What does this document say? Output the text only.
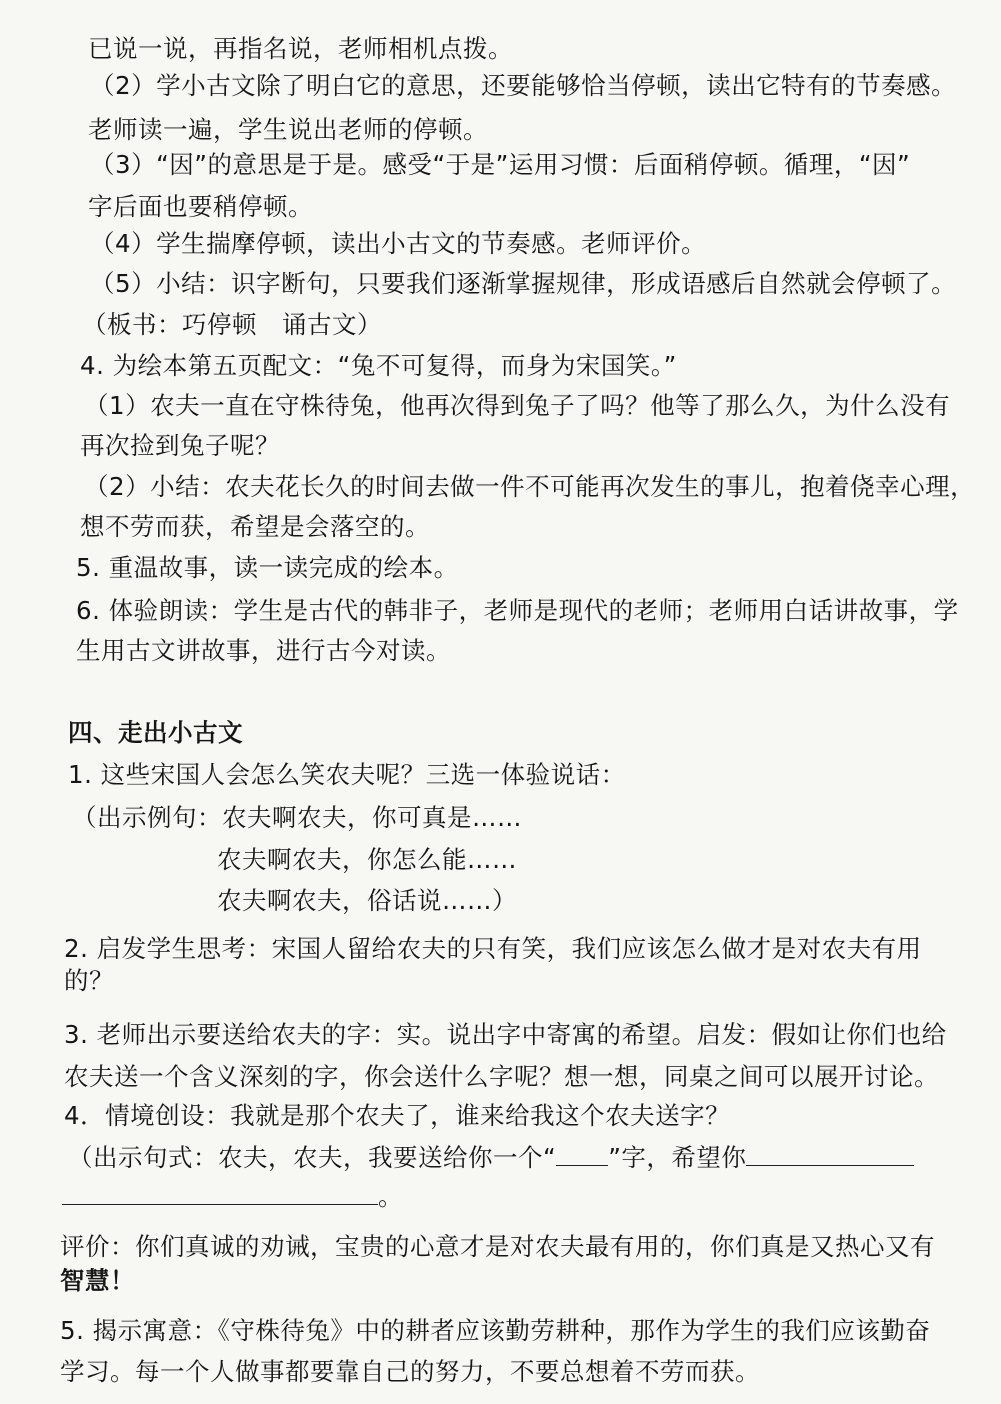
已说一说，再指名说，老师相机点拨。
（2）学小古文除了明白它的意思，还要能够恰当停顿，读出它特有的节奏感。
老师读一遍，学生说出老师的停顿。
（3）“因”的意思是于是。感受“于是”运用习惯：后面稍停顿。循理，“因”
字后面也要稍停顿。
（4）学生揣摩停顿，读出小古文的节奏感。老师评价。
（5）小结：识字断句，只要我们逐渐掌握规律，形成语感后自然就会停顿了。
（板书：巧停顿　诵古文）
4. 为绘本第五页配文：“兔不可复得，而身为宋国笑。”
（1）农夫一直在守株待兔，他再次得到兔子了吗？他等了那么久，为什么没有
再次捡到兔子呢？
（2）小结：农夫花长久的时间去做一件不可能再次发生的事儿，抱着侥幸心理，
想不劳而获，希望是会落空的。
5. 重温故事，读一读完成的绘本。
6. 体验朗读：学生是古代的韩非子，老师是现代的老师；老师用白话讲故事，学
生用古文讲故事，进行古今对读。
四、走出小古文
1. 这些宋国人会怎么笑农夫呢？三选一体验说话：
（出示例句：农夫啊农夫，你可真是……
农夫啊农夫，你怎么能……
农夫啊农夫，俗话说……）
2. 启发学生思考：宋国人留给农夫的只有笑，我们应该怎么做才是对农夫有用
的？
3. 老师出示要送给农夫的字：实。说出字中寄寓的希望。启发：假如让你们也给
农夫送一个含义深刻的字，你会送什么字呢？想一想，同桌之间可以展开讨论。
4．情境创设：我就是那个农夫了，谁来给我这个农夫送字？
（出示句式：农夫，农夫，我要送给你一个“ ”字，希望你
。
评价：你们真诚的劝诫，宝贵的心意才是对农夫最有用的，你们真是又热心又有
智慧！
5. 揭示寓意：《守株待兔》中的耕者应该勤劳耕种，那作为学生的我们应该勤奋
学习。每一个人做事都要靠自己的努力，不要总想着不劳而获。
